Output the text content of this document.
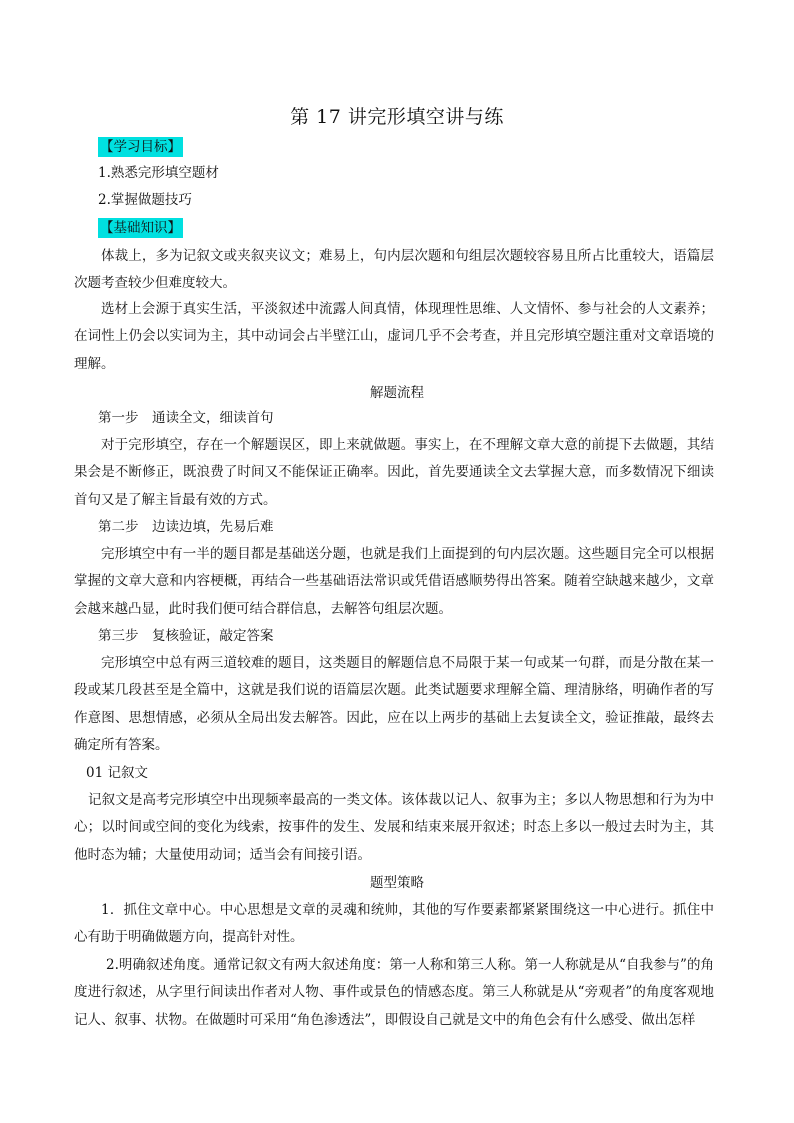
第 17 讲完形填空讲与练
【学习目标】
1.熟悉完形填空题材
2.掌握做题技巧
【基础知识】
体裁上，多为记叙文或夹叙夹议文；难易上，句内层次题和句组层次题较容易且所占比重较大，语篇层次题考查较少但难度较大。
选材上会源于真实生活，平淡叙述中流露人间真情，体现理性思维、人文情怀、参与社会的人文素养；在词性上仍会以实词为主，其中动词会占半壁江山，虚词几乎不会考查，并且完形填空题注重对文章语境的理解。
解题流程
第一步　通读全文，细读首句
对于完形填空，存在一个解题误区，即上来就做题。事实上，在不理解文章大意的前提下去做题，其结果会是不断修正，既浪费了时间又不能保证正确率。因此，首先要通读全文去掌握大意，而多数情况下细读首句又是了解主旨最有效的方式。
第二步　边读边填，先易后难
完形填空中有一半的题目都是基础送分题，也就是我们上面提到的句内层次题。这些题目完全可以根据掌握的文章大意和内容梗概，再结合一些基础语法常识或凭借语感顺势得出答案。随着空缺越来越少，文章会越来越凸显，此时我们便可结合群信息，去解答句组层次题。
第三步　复核验证，敲定答案
完形填空中总有两三道较难的题目，这类题目的解题信息不局限于某一句或某一句群，而是分散在某一段或某几段甚至是全篇中，这就是我们说的语篇层次题。此类试题要求理解全篇、理清脉络，明确作者的写作意图、思想情感，必须从全局出发去解答。因此，应在以上两步的基础上去复读全文，验证推敲，最终去确定所有答案。
01 记叙文
记叙文是高考完形填空中出现频率最高的一类文体。该体裁以记人、叙事为主；多以人物思想和行为为中心；以时间或空间的变化为线索，按事件的发生、发展和结束来展开叙述；时态上多以一般过去时为主，其他时态为辅；大量使用动词；适当会有间接引语。
题型策略
1．抓住文章中心。中心思想是文章的灵魂和统帅，其他的写作要素都紧紧围绕这一中心进行。抓住中心有助于明确做题方向，提高针对性。
2.明确叙述角度。通常记叙文有两大叙述角度：第一人称和第三人称。第一人称就是从“自我参与”的角度进行叙述，从字里行间读出作者对人物、事件或景色的情感态度。第三人称就是从“旁观者”的角度客观地记人、叙事、状物。在做题时可采用“角色渗透法”，即假设自己就是文中的角色会有什么感受、做出怎样
